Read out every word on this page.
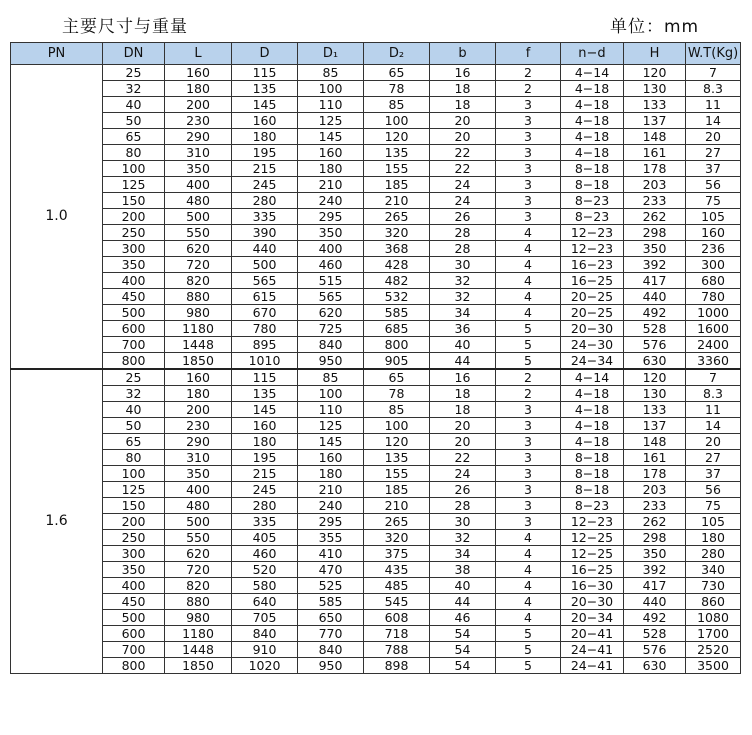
主要尺寸与重量	单位：mm
PN	DN	L	D	D₁	D₂	b	f	n−d	H	W.T(Kg)
1.0	25	160	115	85	65	16	2	4−14	120	7
	32	180	135	100	78	18	2	4−18	130	8.3
	40	200	145	110	85	18	3	4−18	133	11
	50	230	160	125	100	20	3	4−18	137	14
	65	290	180	145	120	20	3	4−18	148	20
	80	310	195	160	135	22	3	4−18	161	27
	100	350	215	180	155	22	3	8−18	178	37
	125	400	245	210	185	24	3	8−18	203	56
	150	480	280	240	210	24	3	8−23	233	75
	200	500	335	295	265	26	3	8−23	262	105
	250	550	390	350	320	28	4	12−23	298	160
	300	620	440	400	368	28	4	12−23	350	236
	350	720	500	460	428	30	4	16−23	392	300
	400	820	565	515	482	32	4	16−25	417	680
	450	880	615	565	532	32	4	20−25	440	780
	500	980	670	620	585	34	4	20−25	492	1000
	600	1180	780	725	685	36	5	20−30	528	1600
	700	1448	895	840	800	40	5	24−30	576	2400
	800	1850	1010	950	905	44	5	24−34	630	3360
1.6	25	160	115	85	65	16	2	4−14	120	7
	32	180	135	100	78	18	2	4−18	130	8.3
	40	200	145	110	85	18	3	4−18	133	11
	50	230	160	125	100	20	3	4−18	137	14
	65	290	180	145	120	20	3	4−18	148	20
	80	310	195	160	135	22	3	8−18	161	27
	100	350	215	180	155	24	3	8−18	178	37
	125	400	245	210	185	26	3	8−18	203	56
	150	480	280	240	210	28	3	8−23	233	75
	200	500	335	295	265	30	3	12−23	262	105
	250	550	405	355	320	32	4	12−25	298	180
	300	620	460	410	375	34	4	12−25	350	280
	350	720	520	470	435	38	4	16−25	392	340
	400	820	580	525	485	40	4	16−30	417	730
	450	880	640	585	545	44	4	20−30	440	860
	500	980	705	650	608	46	4	20−34	492	1080
	600	1180	840	770	718	54	5	20−41	528	1700
	700	1448	910	840	788	54	5	24−41	576	2520
	800	1850	1020	950	898	54	5	24−41	630	3500
